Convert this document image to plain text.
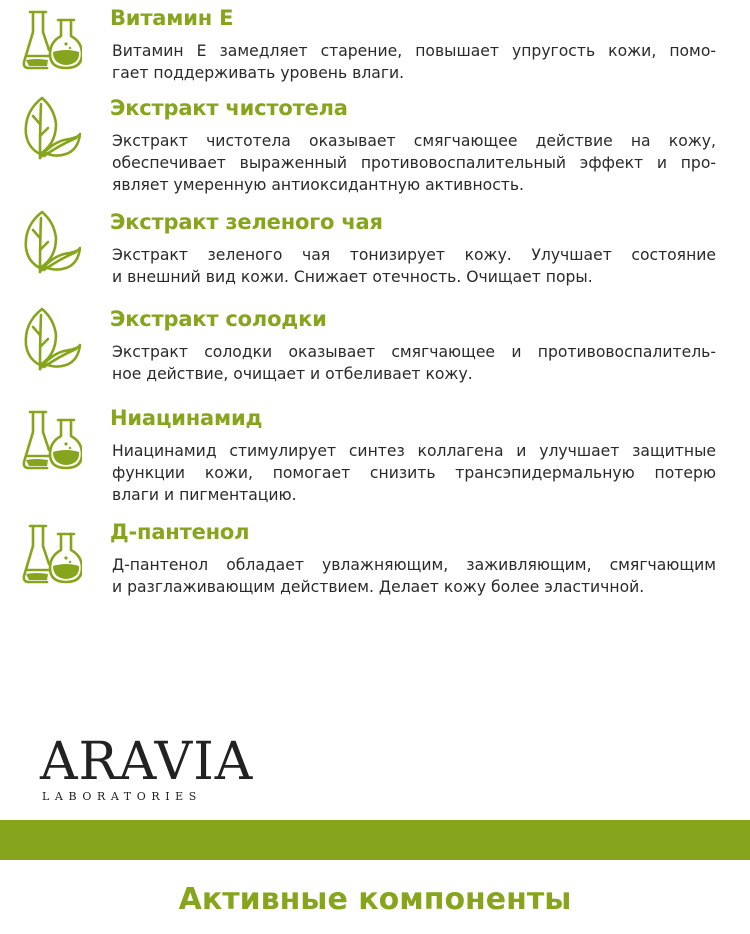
Витамин Е
Витамин Е замедляет старение, повышает упругость кожи, помо-
гает поддерживать уровень влаги.
Экстракт чистотела
Экстракт чистотела оказывает смягчающее действие на кожу,
обеспечивает выраженный противовоспалительный эффект и про-
являет умеренную антиоксидантную активность.
Экстракт зеленого чая
Экстракт зеленого чая тонизирует кожу. Улучшает состояние
и внешний вид кожи. Снижает отечность. Очищает поры.
Экстракт солодки
Экстракт солодки оказывает смягчающее и противовоспалитель-
ное действие, очищает и отбеливает кожу.
Ниацинамид
Ниацинамид стимулирует синтез коллагена и улучшает защитные
функции кожи, помогает снизить трансэпидермальную потерю
влаги и пигментацию.
Д-пантенол
Д-пантенол обладает увлажняющим, заживляющим, смягчающим
и разглаживающим действием. Делает кожу более эластичной.
ARAVIA
LABORATORIES
Активные компоненты
